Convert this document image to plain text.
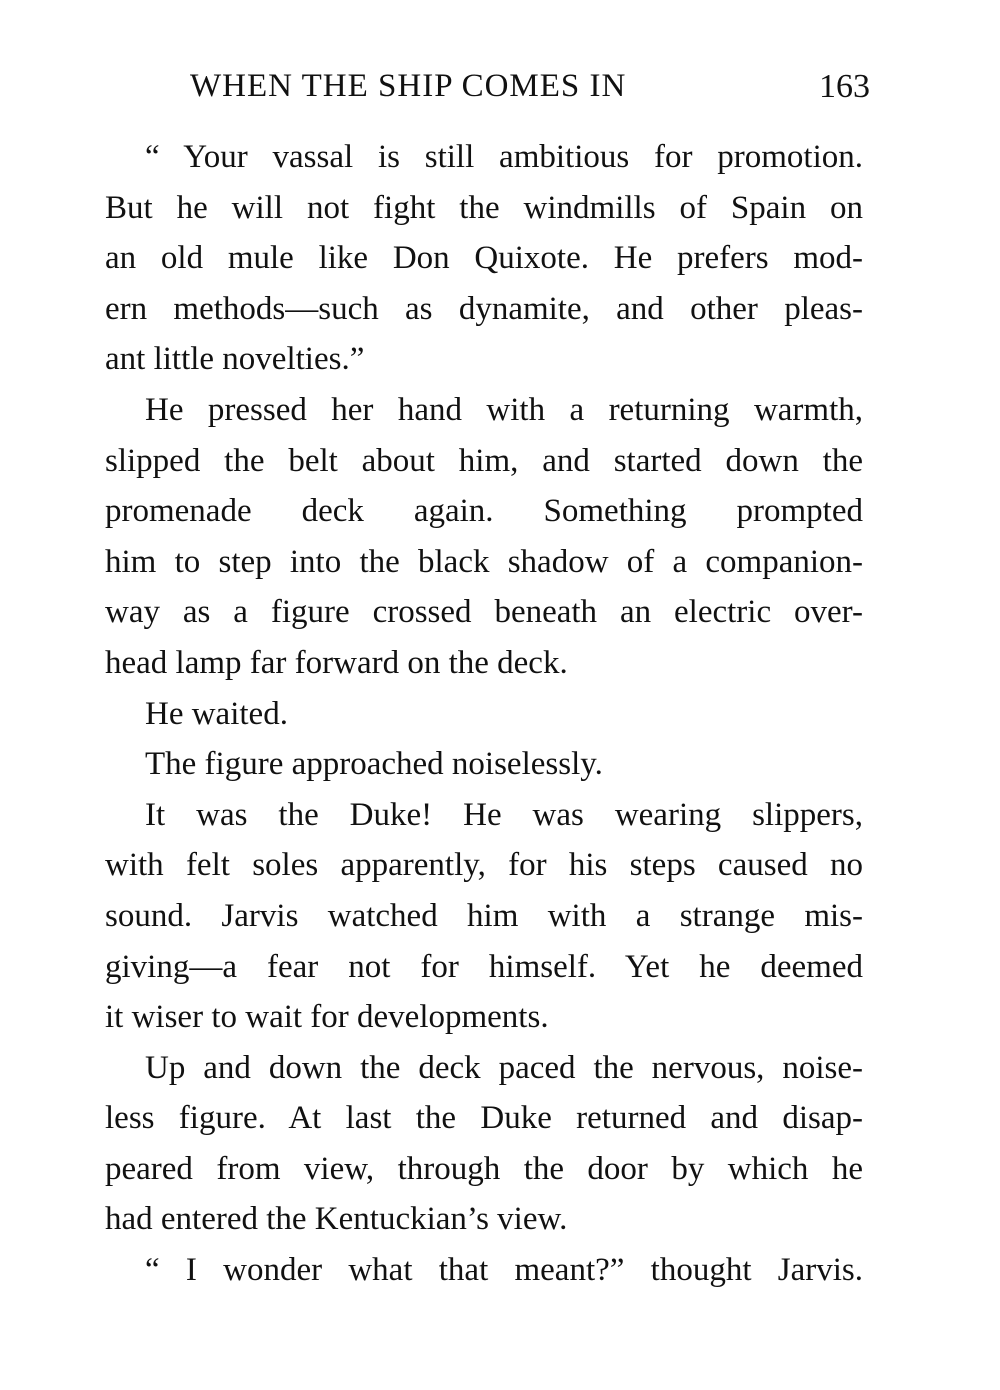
WHEN THE SHIP COMES IN	163
“ Your vassal is still ambitious for promotion.
But he will not fight the windmills of Spain on
an old mule like Don Quixote. He prefers mod-
ern methods—such as dynamite, and other pleas-
ant little novelties.”
He pressed her hand with a returning warmth,
slipped the belt about him, and started down the
promenade deck again. Something prompted
him to step into the black shadow of a companion-
way as a figure crossed beneath an electric over-
head lamp far forward on the deck.
He waited.
The figure approached noiselessly.
It was the Duke! He was wearing slippers,
with felt soles apparently, for his steps caused no
sound. Jarvis watched him with a strange mis-
giving—a fear not for himself. Yet he deemed
it wiser to wait for developments.
Up and down the deck paced the nervous, noise-
less figure. At last the Duke returned and disap-
peared from view, through the door by which he
had entered the Kentuckian’s view.
“ I wonder what that meant?” thought Jarvis.
